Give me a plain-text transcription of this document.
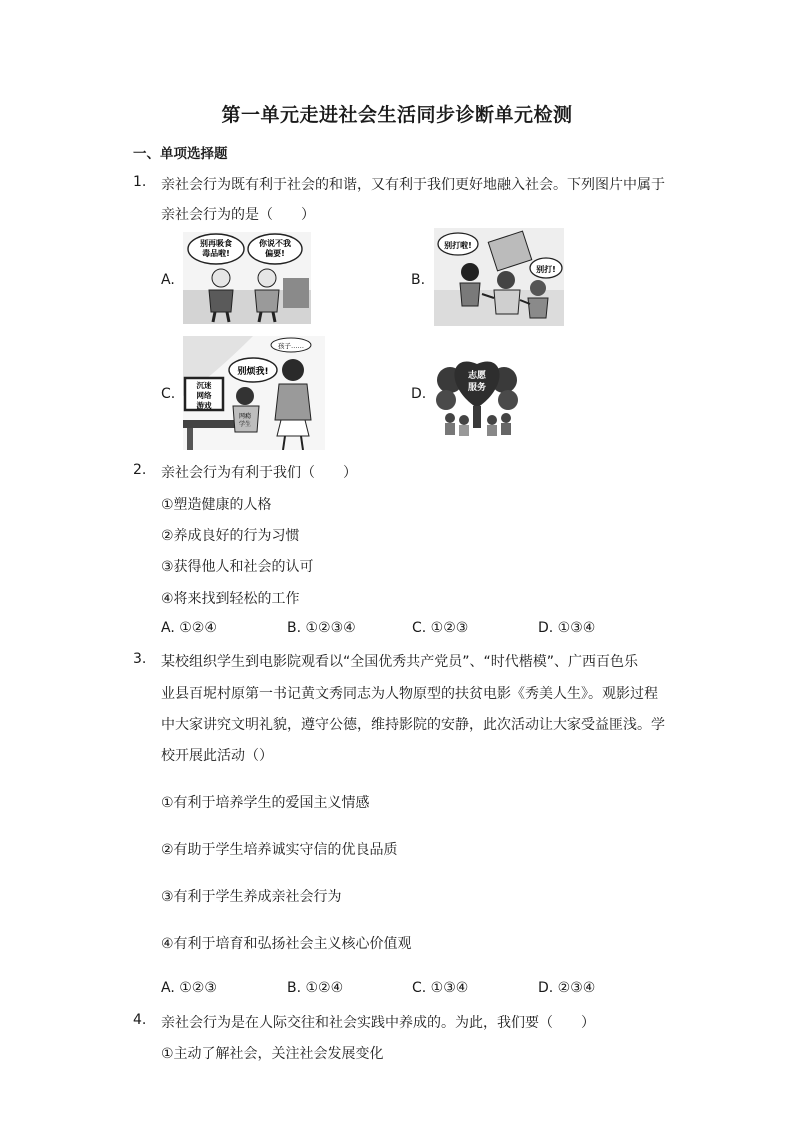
第一单元走进社会生活同步诊断单元检测
一、单项选择题
1. 亲社会行为既有利于社会的和谐，又有利于我们更好地融入社会。下列图片中属于
亲社会行为的是（　　）
A.
别再吸食
毒品啦!
你说不我
偏要!
B.
别打啦!
别打!
C.
沉迷
网络
游戏
别烦我!
孩子……
网瘾
学生
D.
志愿
服务
2. 亲社会行为有利于我们（　　）
①塑造健康的人格
②养成良好的行为习惯
③获得他人和社会的认可
④将来找到轻松的工作
A. ①②④	B. ①②③④	C. ①②③	D. ①③④
3. 某校组织学生到电影院观看以“全国优秀共产党员”、“时代楷模”、广西百色乐
业县百坭村原第一书记黄文秀同志为人物原型的扶贫电影《秀美人生》。观影过程
中大家讲究文明礼貌，遵守公德，维持影院的安静，此次活动让大家受益匪浅。学
校开展此活动（）
①有利于培养学生的爱国主义情感
②有助于学生培养诚实守信的优良品质
③有利于学生养成亲社会行为
④有利于培育和弘扬社会主义核心价值观
A. ①②③	B. ①②④	C. ①③④	D. ②③④
4. 亲社会行为是在人际交往和社会实践中养成的。为此，我们要（　　）
①主动了解社会，关注社会发展变化
